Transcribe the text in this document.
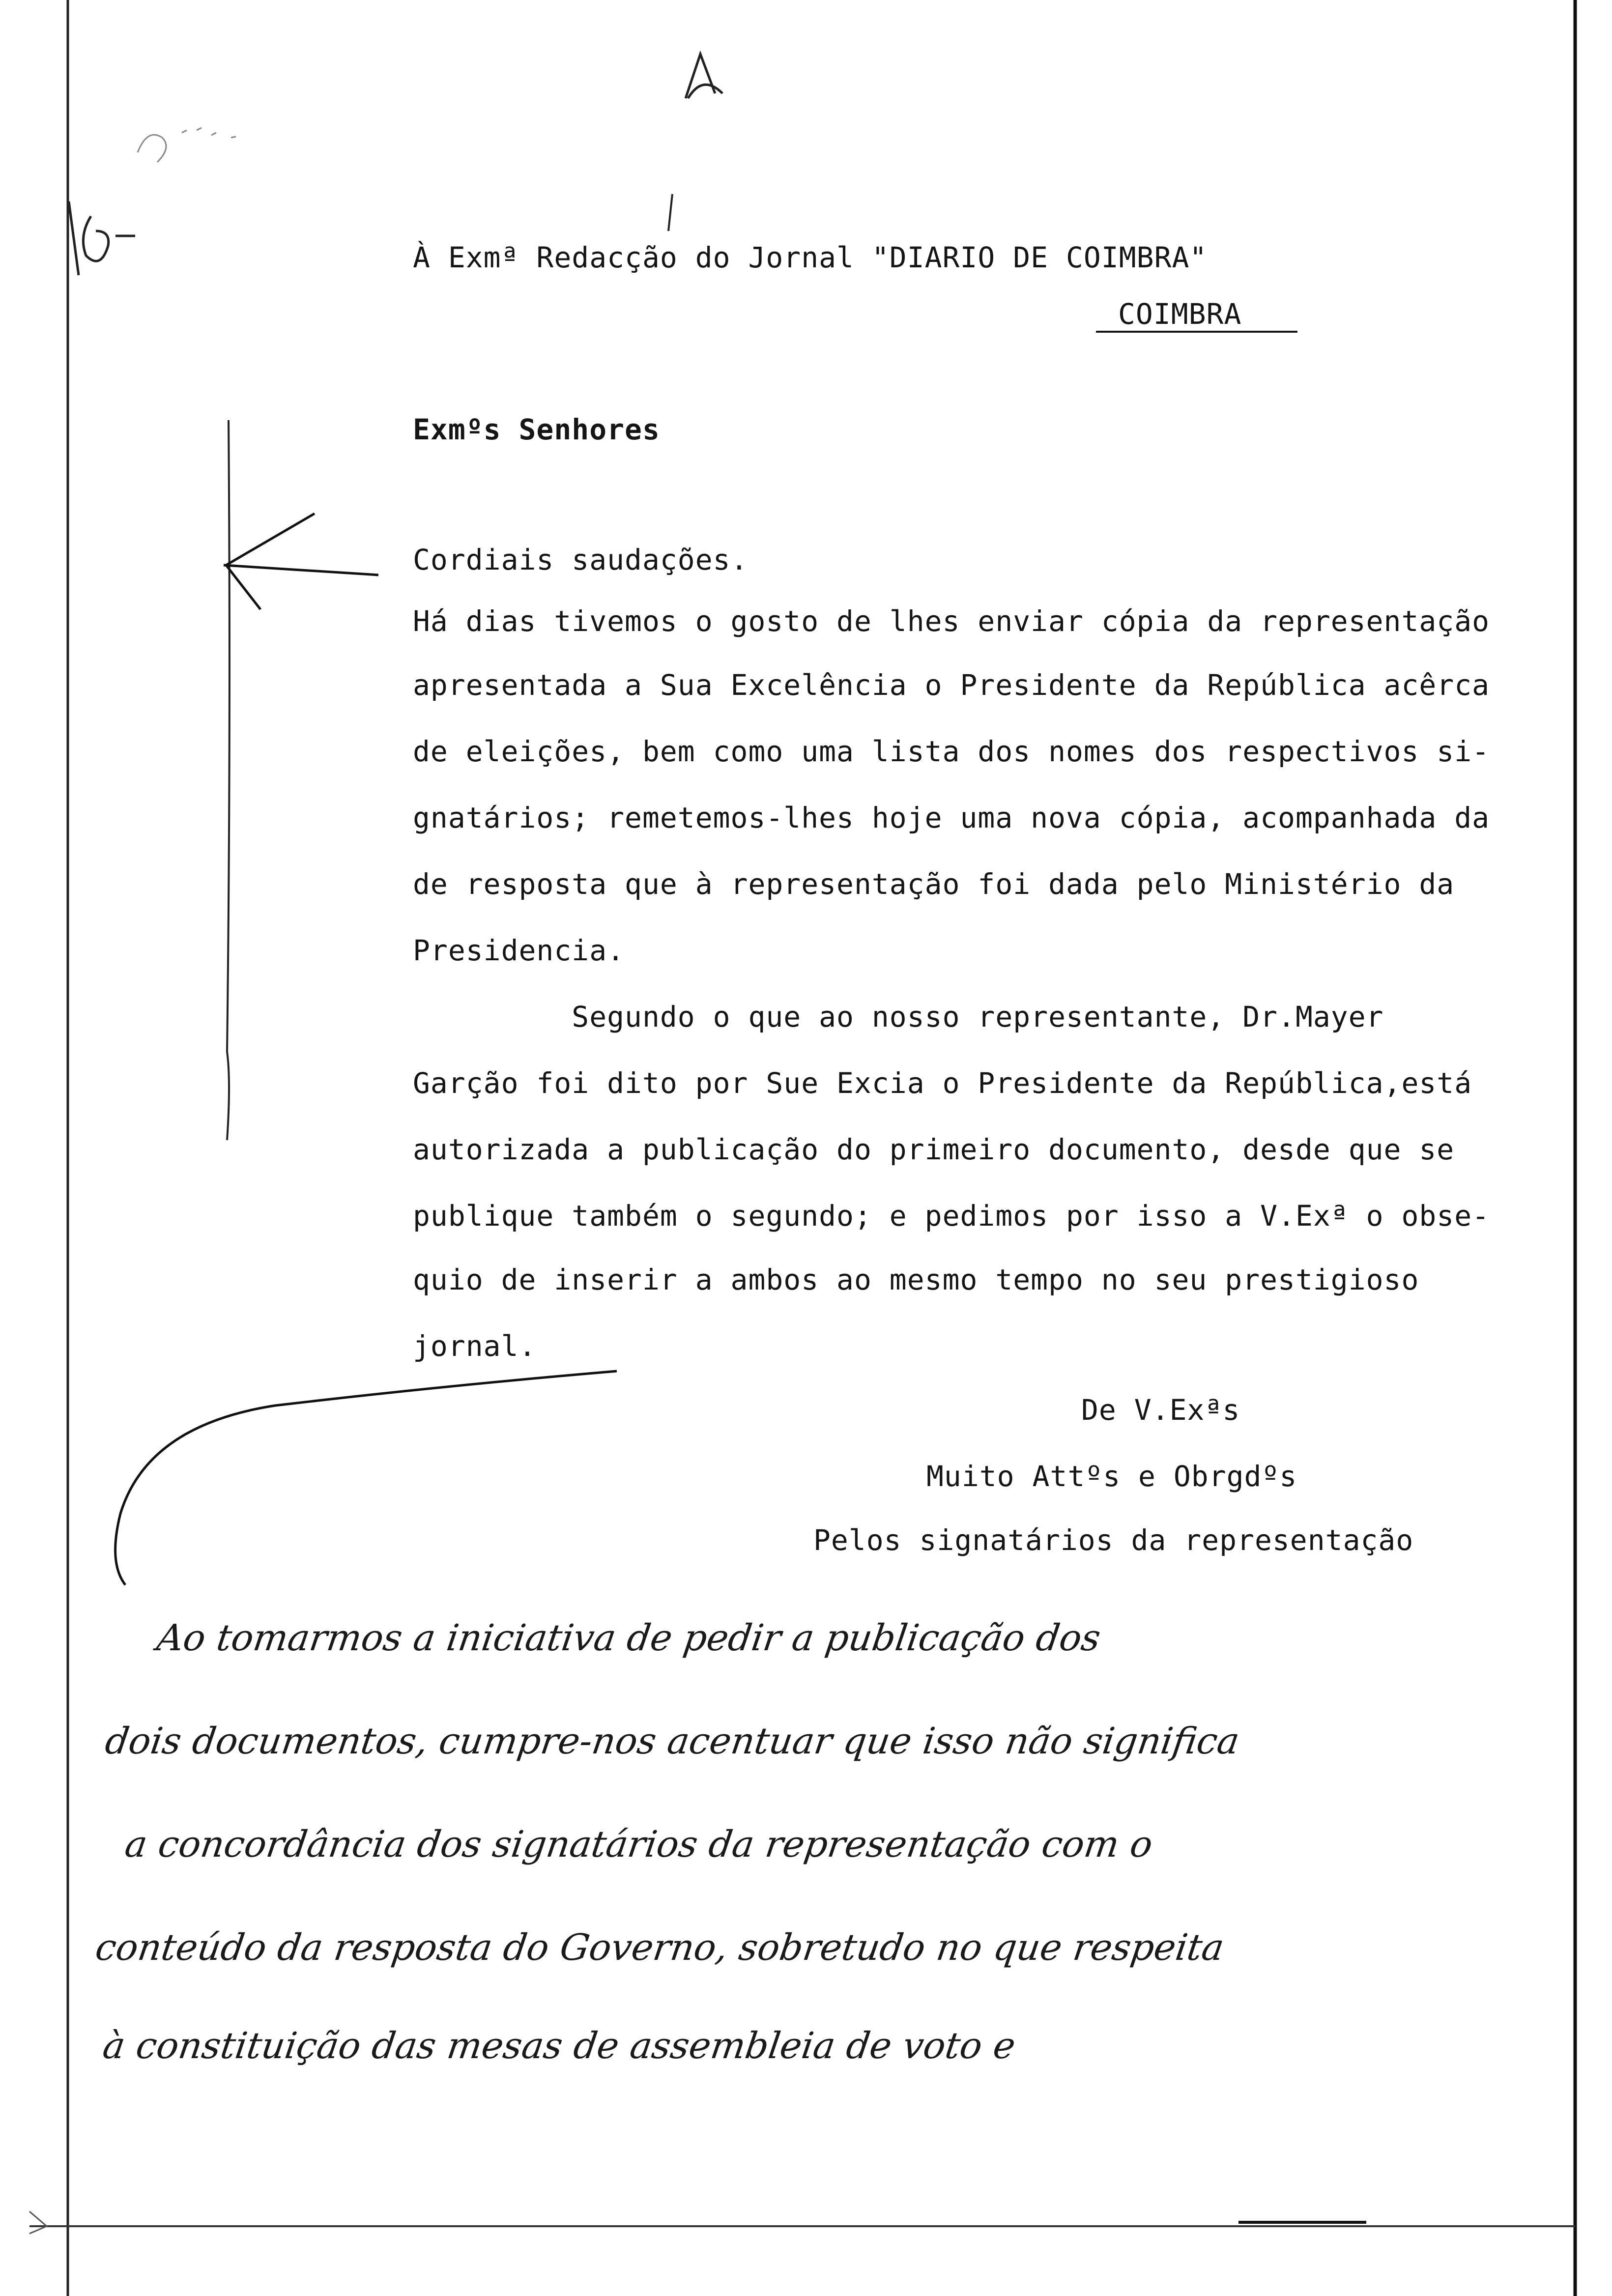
À Exmª Redacção do Jornal "DIARIO DE COIMBRA"
COIMBRA
Exmºs Senhores
Cordiais saudações.
Há dias tivemos o gosto de lhes enviar cópia da representação
apresentada a Sua Excelência o Presidente da República acêrca
de eleições, bem como uma lista dos nomes dos respectivos si-
gnatários; remetemos-lhes hoje uma nova cópia, acompanhada da
de resposta que à representação foi dada pelo Ministério da
Presidencia.
Segundo o que ao nosso representante, Dr.Mayer
Garção foi dito por Sue Excia o Presidente da República,está
autorizada a publicação do primeiro documento, desde que se
publique também o segundo; e pedimos por isso a V.Exª o obse-
quio de inserir a ambos ao mesmo tempo no seu prestigioso
jornal.
De V.Exªs
Muito Attºs e Obrgdºs
Pelos signatários da representação
Ao tomarmos a iniciativa de pedir a publicação dos
dois documentos, cumpre-nos acentuar que isso não significa
a concordância dos signatários da representação com o
conteúdo da resposta do Governo, sobretudo no que respeita
à constituição das mesas de assembleia de voto e
